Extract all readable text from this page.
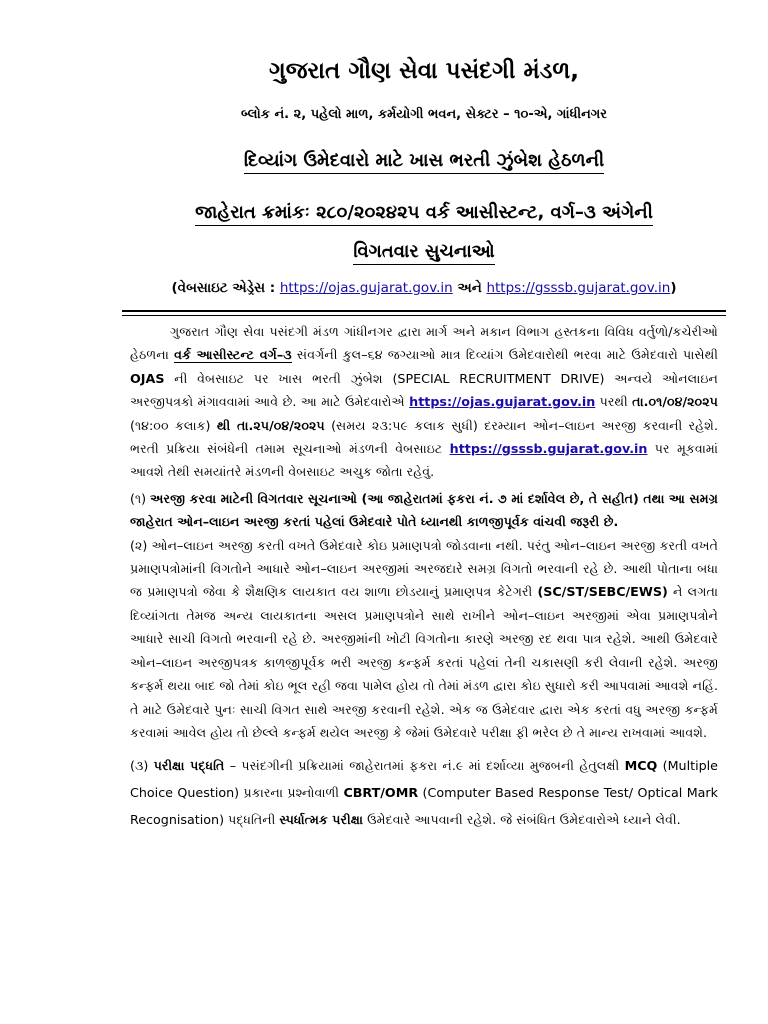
ગુજરાત ગૌણ સેવા પસંદગી મંડળ,
બ્લોક નં. ૨, પહેલો માળ, કર્મયોગી ભવન, સેક્ટર – ૧૦-એ, ગાંધીનગર
દિવ્યાંગ ઉમેદવારો માટે ખાસ ભરતી ઝુંબેશ હેઠળની
જાહેરાત ક્રમાંકઃ ૨૮૦/૨૦૨૪૨૫ વર્ક આસીસ્ટન્ટ, વર્ગ–૩ અંગેની
વિગતવાર સુચનાઓ
(વેબસાઇટ એડ્રેસ : https://ojas.gujarat.gov.in અને https://gsssb.gujarat.gov.in)

ગુજરાત ગૌણ સેવા પસંદગી મંડળ ગાંધીનગર દ્વારા માર્ગ અને મકાન વિભાગ હસ્તકના વિવિધ વર્તુળો/કચેરીઓ હેઠળના વર્ક આસીસ્ટન્ટ વર્ગ–૩ સંવર્ગની કુલ–૬૪ જગ્યાઓ માત્ર દિવ્યાંગ ઉમેદવારોથી ભરવા માટે ઉમેદવારો પાસેથી OJAS ની વેબસાઇટ પર ખાસ ભરતી ઝુંબેશ (SPECIAL RECRUITMENT DRIVE) અન્વયે ઓનલાઇન અરજીપત્રકો મંગાવવામાં આવે છે. આ માટે ઉમેદવારોએ https://ojas.gujarat.gov.in પરથી તા.૦૧/૦૪/૨૦૨૫ (૧૪:૦૦ કલાક) થી તા.૨૫/૦૪/૨૦૨૫ (સમય ૨૩:૫૯ કલાક સુધી) દરમ્યાન ઓન–લાઇન અરજી કરવાની રહેશે. ભરતી પ્રક્રિયા સંબંધેની તમામ સૂચનાઓ મંડળની વેબસાઇટ https://gsssb.gujarat.gov.in પર મૂકવામાં આવશે તેથી સમયાંતરે મંડળની વેબસાઇટ અચુક જોતા રહેવું.

(૧) અરજી કરવા માટેની વિગતવાર સૂચનાઓ (આ જાહેરાતમાં ફકરા નં. ૭ માં દર્શાવેલ છે, તે સહીત) તથા આ સમગ્ર જાહેરાત ઓન–લાઇન અરજી કરતાં પહેલાં ઉમેદવારે પોતે ધ્યાનથી કાળજીપૂર્વક વાંચવી જરૂરી છે.

(૨) ઓન–લાઇન અરજી કરતી વખતે ઉમેદવારે કોઇ પ્રમાણપત્રો જોડવાના નથી. પરંતુ ઓન–લાઇન અરજી કરતી વખતે પ્રમાણપત્રોમાંની વિગતોને આધારે ઓન–લાઇન અરજીમાં અરજદારે સમગ્ર વિગતો ભરવાની રહે છે. આથી પોતાના બધા જ પ્રમાણપત્રો જેવા કે શૈક્ષણિક લાયકાત વય શાળા છોડયાનું પ્રમાણપત્ર કેટેગરી (SC/ST/SEBC/EWS) ને લગતા દિવ્યાંગતા તેમજ અન્ય લાયકાતના અસલ પ્રમાણપત્રોને સાથે રાખીને ઓન–લાઇન અરજીમાં એવા પ્રમાણપત્રોને આધારે સાચી વિગતો ભરવાની રહે છે. અરજીમાંની ખોટી વિગતોના કારણે અરજી રદ થવા પાત્ર રહેશે. આથી ઉમેદવારે ઓન–લાઇન અરજીપત્રક કાળજીપૂર્વક ભરી અરજી કન્ફર્મ કરતાં પહેલાં તેની ચકાસણી કરી લેવાની રહેશે. અરજી કન્ફર્મ થયા બાદ જો તેમાં કોઇ ભૂલ રહી જવા પામેલ હોય તો તેમાં મંડળ દ્વારા કોઇ સુધારો કરી આપવામાં આવશે નહિં. તે માટે ઉમેદવારે પુનઃ સાચી વિગત સાથે અરજી કરવાની રહેશે. એક જ ઉમેદવાર દ્વારા એક કરતાં વધુ અરજી કન્ફર્મ કરવામાં આવેલ હોય તો છેલ્લે કન્ફર્મ થયેલ અરજી કે જેમાં ઉમેદવારે પરીક્ષા ફી ભરેલ છે તે માન્ય રાખવામાં આવશે.

(૩) પરીક્ષા પદ્ધતિ – પસંદગીની પ્રક્રિયામાં જાહેરાતમાં ફકરા નં.૯ માં દર્શાવ્યા મુજબની હેતુલક્ષી MCQ (Multiple Choice Question) પ્રકારના પ્રશ્નોવાળી CBRT/OMR (Computer Based Response Test/ Optical Mark Recognisation) પદ્ધતિની સ્પર્ધાત્મક પરીક્ષા ઉમેદવારે આપવાની રહેશે. જે સંબંધિત ઉમેદવારોએ ધ્યાને લેવી.
